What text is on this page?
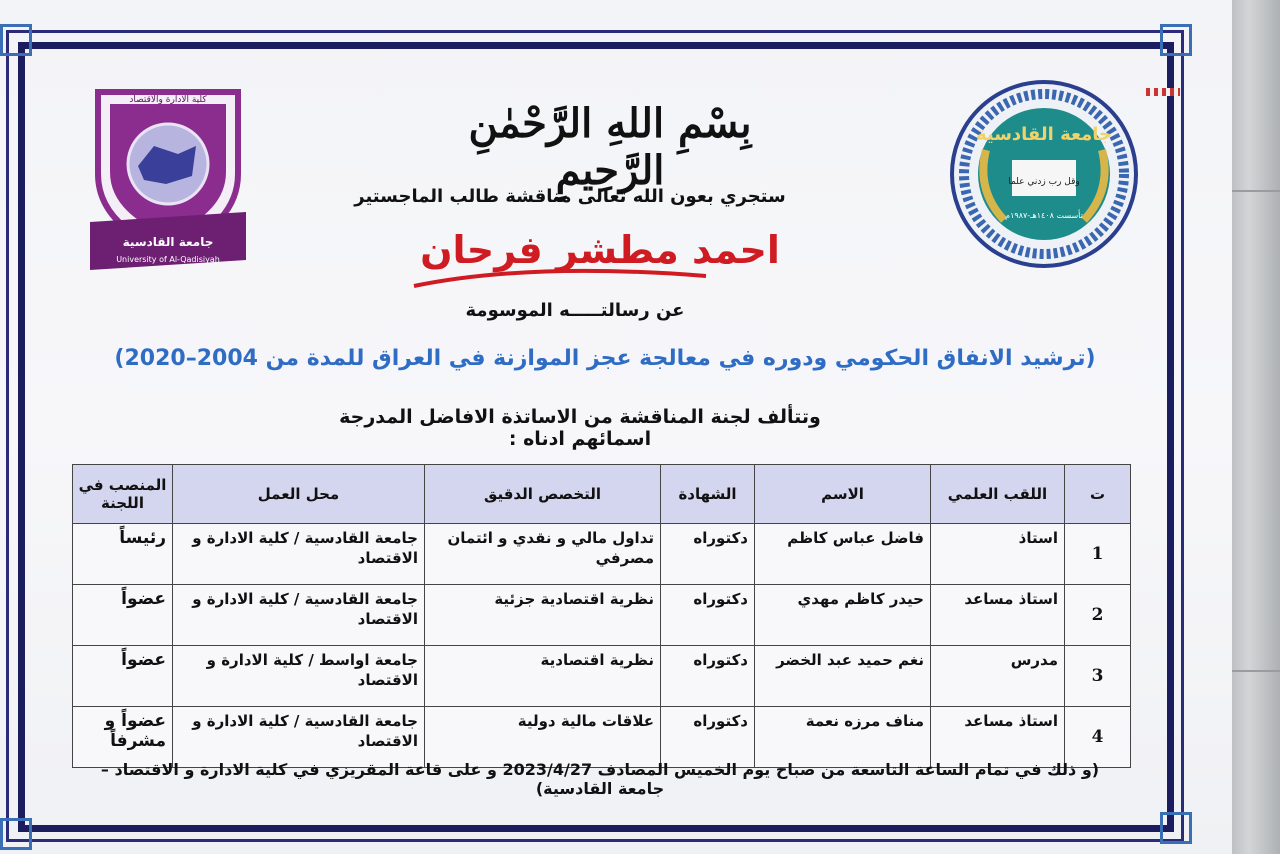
كلية الادارة والاقتصاد
جامعة القادسية
University of Al-Qadisiyah
جامعة القادسية
وقل رب زدني علما
تأسست ١٤٠٨هـ-١٩٨٧م
بِسْمِ اللهِ الرَّحْمٰنِ الرَّحِيمِ
ستجري بعون الله تعالى مناقشة طالب الماجستير
احمد مطشر فرحان
عن رسالتـــــه الموسومة
(ترشيد الانفاق الحكومي ودوره في معالجة عجز الموازنة في العراق للمدة من 2004–2020)
وتتألف لجنة المناقشة من الاساتذة الافاضل المدرجة اسمائهم ادناه :
ت	اللقب العلمي	الاسم	الشهادة	التخصص الدقيق	محل العمل	المنصب في اللجنة
1	استاذ	فاضل عباس كاظم	دكتوراه	تداول مالي و نقدي و ائتمان مصرفي	جامعة القادسية / كلية الادارة و الاقتصاد	رئيساً
2	استاذ مساعد	حيدر كاظم مهدي	دكتوراه	نظرية اقتصادية جزئية	جامعة القادسية / كلية الادارة و الاقتصاد	عضواً
3	مدرس	نغم حميد عبد الخضر	دكتوراه	نظرية اقتصادية	جامعة اواسط / كلية الادارة و الاقتصاد	عضواً
4	استاذ مساعد	مناف مرزه نعمة	دكتوراه	علاقات مالية دولية	جامعة القادسية / كلية الادارة و الاقتصاد	عضواً و مشرفاً
(و ذلك في تمام الساعة التاسعة من صباح يوم الخميس المصادف 2023/4/27 و على قاعة المقريزي في كلية الادارة و الاقتصاد – جامعة القادسية)
